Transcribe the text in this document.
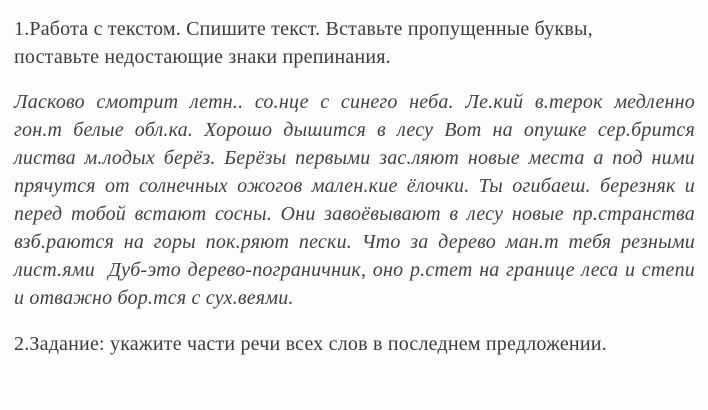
1.Работа с текстом. Спишите текст. Вставьте пропущенные буквы,
поставьте недостающие знаки препинания.
Ласково смотрит летн.. со.нце с синего неба. Ле.кий в.терок медленно
гон.т белые обл.ка. Хорошо дышится в лесу Вот на опушке сер.брится
листва м.лодых берёз. Берёзы первыми зас.ляют новые места а под ними
прячутся от солнечных ожогов мален.кие ёлочки. Ты огибаеш. березняк и
перед тобой встают сосны. Они завоёвывают в лесу новые пр.странства
взб.раются на горы пок.ряют пески. Что за дерево ман.т тебя резными
лист.ями  Дуб-это дерево-пограничник, оно р.стет на границе леса и степи
и отважно бор.тся с сух.веями.
2.Задание: укажите части речи всех слов в последнем предложении.
